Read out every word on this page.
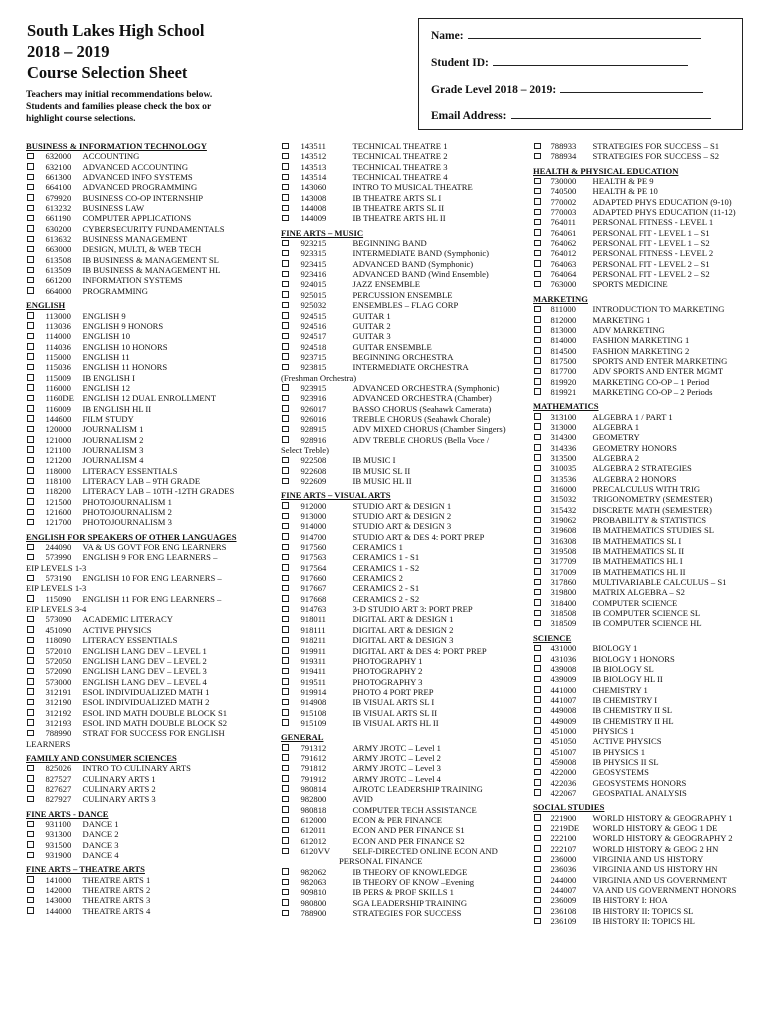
South Lakes High School
2018 – 2019
Course Selection Sheet
Teachers may initial recommendations below. Students and families please check the box or highlight course selections.
Name:
Student ID:
Grade Level 2018 – 2019:
Email Address:
BUSINESS & INFORMATION TECHNOLOGY
632000	ACCOUNTING
632100	ADVANCED ACCOUNTING
661300	ADVANCED INFO SYSTEMS
664100	ADVANCED PROGRAMMING
679920	BUSINESS CO-OP INTERNSHIP
613232	BUSINESS LAW
661190	COMPUTER APPLICATIONS
630200	CYBERSECURITY FUNDAMENTALS
613632	BUSINESS MANAGEMENT
663000	DESIGN, MULTI, & WEB TECH
613508	IB BUSINESS & MANAGEMENT SL
613509	IB BUSINESS & MANAGEMENT HL
661200	INFORMATION SYSTEMS
664000	PROGRAMMING
ENGLISH
113000	ENGLISH 9
113036	ENGLISH 9 HONORS
114000	ENGLISH 10
114036	ENGLISH 10 HONORS
115000	ENGLISH 11
115036	ENGLISH 11 HONORS
115009	IB ENGLISH I
116000	ENGLISH 12
1160DE	ENGLISH 12 DUAL ENROLLMENT
116009	IB ENGLISH HL II
144600	FILM STUDY
120000	JOURNALISM 1
121000	JOURNALISM 2
121100	JOURNALISM 3
121200	JOURNALISM 4
118000	LITERACY ESSENTIALS
118100	LITERACY LAB – 9TH GRADE
118200	LITERACY LAB – 10TH -12TH GRADES
121500	PHOTOJOURNALISM 1
121600	PHOTOJOURNALISM 2
121700	PHOTOJOURNALISM 3
ENGLISH FOR SPEAKERS OF OTHER LANGUAGES
244090	VA & US GOVT FOR ENG LEARNERS
573990	ENGLISH 9 FOR ENG LEARNERS –
EIP LEVELS 1-3
573190	ENGLISH 10 FOR ENG LEARNERS –
EIP LEVELS 1-3
115090	ENGLISH 11 FOR ENG LEARNERS –
EIP LEVELS 3-4
573090	ACADEMIC LITERACY
451090	ACTIVE PHYSICS
118090	LITERACY ESSENTIALS
572010	ENGLISH LANG DEV – LEVEL 1
572050	ENGLISH LANG DEV – LEVEL 2
572090	ENGLISH LANG DEV – LEVEL 3
573000	ENGLISH LANG DEV – LEVEL 4
312191	ESOL INDIVIDUALIZED MATH 1
312190	ESOL INDIVIDUALIZED MATH 2
312192	ESOL IND MATH DOUBLE BLOCK S1
312193	ESOL IND MATH DOUBLE BLOCK S2
788990	STRAT FOR SUCCESS FOR ENGLISH
LEARNERS
FAMILY AND CONSUMER SCIENCES
825026	INTRO TO CULINARY ARTS
827527	CULINARY ARTS 1
827627	CULINARY ARTS 2
827927	CULINARY ARTS 3
FINE ARTS - DANCE
931100	DANCE 1
931300	DANCE 2
931500	DANCE 3
931900	DANCE 4
FINE ARTS – THEATRE ARTS
141000	THEATRE ARTS 1
142000	THEATRE ARTS 2
143000	THEATRE ARTS 3
144000	THEATRE ARTS 4
143511	TECHNICAL THEATRE 1
143512	TECHNICAL THEATRE 2
143513	TECHNICAL THEATRE 3
143514	TECHNICAL THEATRE 4
143060	INTRO TO MUSICAL THEATRE
143008	IB THEATRE ARTS SL I
144008	IB THEATRE ARTS SL II
144009	IB THEATRE ARTS HL II
FINE ARTS – MUSIC
923215	BEGINNING BAND
923315	INTERMEDIATE BAND (Symphonic)
923415	ADVANCED BAND (Symphonic)
923416	ADVANCED BAND (Wind Ensemble)
924015	JAZZ ENSEMBLE
925015	PERCUSSION ENSEMBLE
925032	ENSEMBLES – FLAG CORP
924515	GUITAR 1
924516	GUITAR 2
924517	GUITAR 3
924518	GUITAR ENSEMBLE
923715	BEGINNING ORCHESTRA
923815	INTERMEDIATE ORCHESTRA
(Freshman Orchestra)
923915	ADVANCED ORCHESTRA (Symphonic)
923916	ADVANCED ORCHESTRA (Chamber)
926017	BASSO CHORUS (Seahawk Camerata)
926016	TREBLE CHORUS (Seahawk Chorale)
928915	ADV MIXED CHORUS (Chamber Singers)
928916	ADV TREBLE CHORUS (Bella Voce /
Select Treble)
922508	IB MUSIC I
922608	IB MUSIC SL II
922609	IB MUSIC HL II
FINE ARTS – VISUAL ARTS
912000	STUDIO ART & DESIGN 1
913000	STUDIO ART & DESIGN 2
914000	STUDIO ART & DESIGN 3
914700	STUDIO ART & DES 4: PORT PREP
917560	CERAMICS 1
917563	CERAMICS 1 - S1
917564	CERAMICS 1 - S2
917660	CERAMICS 2
917667	CERAMICS 2 - S1
917668	CERAMICS 2 - S2
914763	3-D STUDIO ART 3: PORT PREP
918011	DIGITAL ART & DESIGN 1
918111	DIGITAL ART & DESIGN 2
918211	DIGITAL ART & DESIGN 3
919911	DIGITAL ART & DES 4: PORT PREP
919311	PHOTOGRAPHY 1
919411	PHOTOGRAPHY 2
919511	PHOTOGRAPHY 3
919914	PHOTO 4 PORT PREP
914908	IB VISUAL ARTS SL I
915108	IB VISUAL ARTS SL II
915109	IB VISUAL ARTS HL II
GENERAL
791312	ARMY JROTC – Level 1
791612	ARMY JROTC – Level 2
791812	ARMY JROTC – Level 3
791912	ARMY JROTC – Level 4
980814	AJROTC LEADERSHIP TRAINING
982800	AVID
980818	COMPUTER TECH ASSISTANCE
612000	ECON & PER FINANCE
612011	ECON AND PER FINANCE S1
612012	ECON AND PER FINANCE S2
6120VV	SELF-DIRECTED ONLINE ECON AND
PERSONAL FINANCE
982062	IB THEORY OF KNOWLEDGE
982063	IB THEORY OF KNOW –Evening
909810	IB PERS & PROF SKILLS 1
980800	SGA LEADERSHIP TRAINING
788900	STRATEGIES FOR SUCCESS
788933	STRATEGIES FOR SUCCESS – S1
788934	STRATEGIES FOR SUCCESS – S2
HEALTH & PHYSICAL EDUCATION
730000	HEALTH & PE 9
740500	HEALTH & PE 10
770002	ADAPTED PHYS EDUCATION (9-10)
770003	ADAPTED PHYS EDUCATION (11-12)
764011	PERSONAL FITNESS - LEVEL 1
764061	PERSONAL FIT - LEVEL 1 – S1
764062	PERSONAL FIT - LEVEL 1 – S2
764012	PERSONAL FITNESS - LEVEL 2
764063	PERSONAL FIT - LEVEL 2 – S1
764064	PERSONAL FIT - LEVEL 2 – S2
763000	SPORTS MEDICINE
MARKETING
811000	INTRODUCTION TO MARKETING
812000	MARKETING 1
813000	ADV MARKETING
814000	FASHION MARKETING 1
814500	FASHION MARKETING 2
817500	SPORTS AND ENTER MARKETING
817700	ADV SPORTS AND ENTER MGMT
819920	MARKETING CO-OP – 1 Period
819921	MARKETING CO-OP – 2 Periods
MATHEMATICS
313100	ALGEBRA 1 / PART 1
313000	ALGEBRA 1
314300	GEOMETRY
314336	GEOMETRY HONORS
313500	ALGEBRA 2
310035	ALGEBRA 2 STRATEGIES
313536	ALGEBRA 2 HONORS
316000	PRECALCULUS WITH TRIG
315032	TRIGONOMETRY (SEMESTER)
315432	DISCRETE MATH (SEMESTER)
319062	PROBABILITY & STATISTICS
319608	IB MATHEMATICS STUDIES SL
316308	IB MATHEMATICS SL I
319508	IB MATHEMATICS SL II
317709	IB MATHEMATICS HL I
317009	IB MATHEMATICS HL II
317860	MULTIVARIABLE CALCULUS – S1
319800	MATRIX ALGEBRA – S2
318400	COMPUTER SCIENCE
318508	IB COMPUTER SCIENCE SL
318509	IB COMPUTER SCIENCE HL
SCIENCE
431000	BIOLOGY 1
431036	BIOLOGY 1 HONORS
439008	IB BIOLOGY SL
439009	IB BIOLOGY HL II
441000	CHEMISTRY 1
441007	IB CHEMISTRY I
449008	IB CHEMISTRY II SL
449009	IB CHEMISTRY II HL
451000	PHYSICS 1
451050	ACTIVE PHYSICS
451007	IB PHYSICS 1
459008	IB PHYSICS II SL
422000	GEOSYSTEMS
422036	GEOSYSTEMS HONORS
422067	GEOSPATIAL ANALYSIS
SOCIAL STUDIES
221900	WORLD HISTORY & GEOGRAPHY 1
2219DE	WORLD HISTORY & GEOG 1 DE
222100	WORLD HISTORY & GEOGRAPHY 2
222107	WORLD HISTORY & GEOG 2 HN
236000	VIRGINIA AND US HISTORY
236036	VIRGINIA AND US HISTORY HN
244000	VIRGINIA AND US GOVERNMENT
244007	VA AND US GOVERNMENT HONORS
236009	IB HISTORY I: HOA
236108	IB HISTORY II: TOPICS SL
236109	IB HISTORY II: TOPICS HL
